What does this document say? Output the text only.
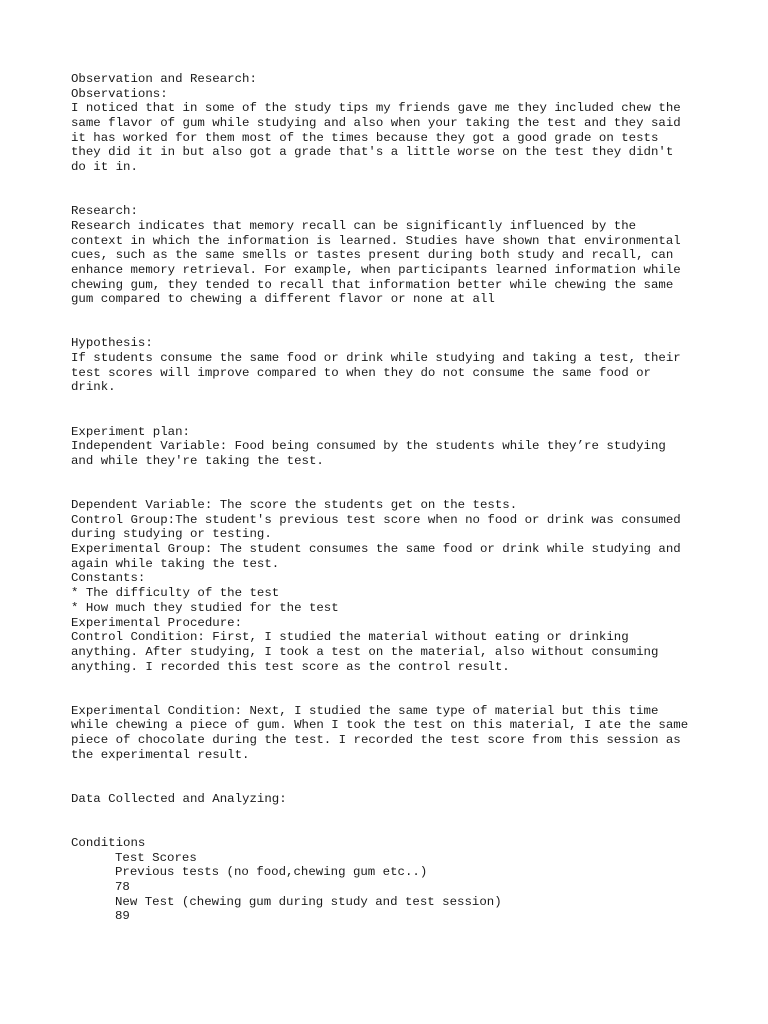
Observation and Research:
Observations:
I noticed that in some of the study tips my friends gave me they included chew the
same flavor of gum while studying and also when your taking the test and they said
it has worked for them most of the times because they got a good grade on tests
they did it in but also got a grade that's a little worse on the test they didn't
do it in.
Research:
Research indicates that memory recall can be significantly influenced by the
context in which the information is learned. Studies have shown that environmental
cues, such as the same smells or tastes present during both study and recall, can
enhance memory retrieval. For example, when participants learned information while
chewing gum, they tended to recall that information better while chewing the same
gum compared to chewing a different flavor or none at all
Hypothesis:
If students consume the same food or drink while studying and taking a test, their
test scores will improve compared to when they do not consume the same food or
drink.
Experiment plan:
Independent Variable: Food being consumed by the students while they’re studying
and while they're taking the test.
Dependent Variable: The score the students get on the tests.
Control Group:The student's previous test score when no food or drink was consumed
during studying or testing.
Experimental Group: The student consumes the same food or drink while studying and
again while taking the test.
Constants:
* The difficulty of the test
* How much they studied for the test
Experimental Procedure:
Control Condition: First, I studied the material without eating or drinking
anything. After studying, I took a test on the material, also without consuming
anything. I recorded this test score as the control result.
Experimental Condition: Next, I studied the same type of material but this time
while chewing a piece of gum. When I took the test on this material, I ate the same
piece of chocolate during the test. I recorded the test score from this session as
the experimental result.
Data Collected and Analyzing:
Conditions
Test Scores
Previous tests (no food,chewing gum etc..)
78
New Test (chewing gum during study and test session)
89
